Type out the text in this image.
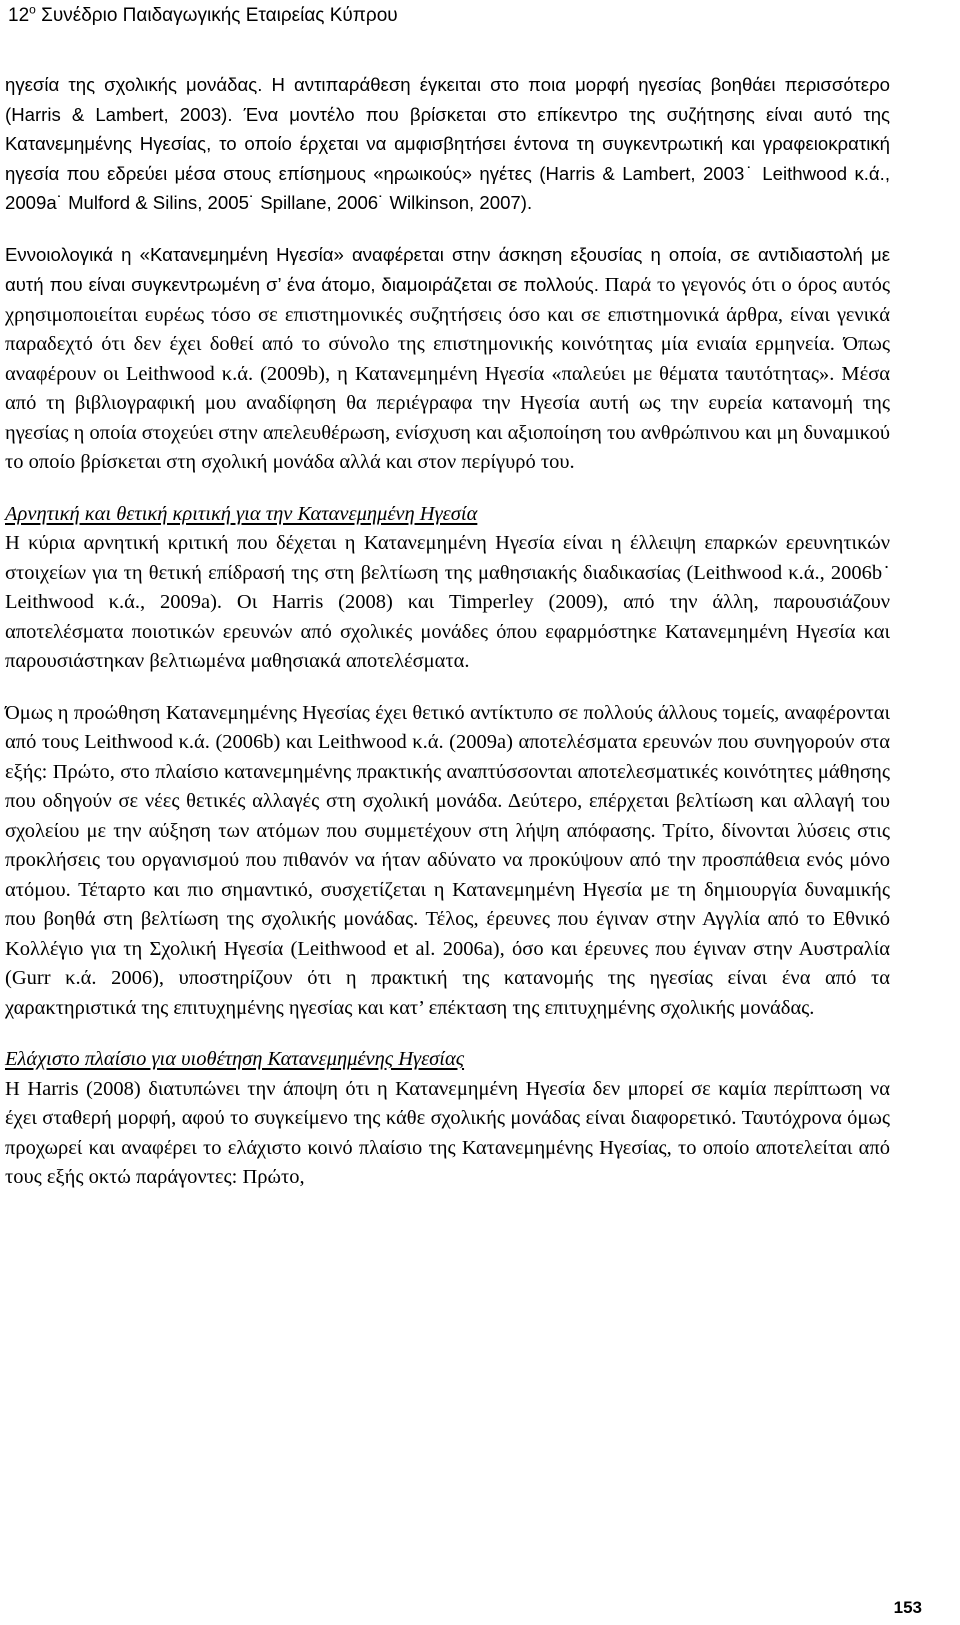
$12^o$ Συνέδριο Παιδαγωγικής Εταιρείας Κύπρου

ηγεσία της σχολικής μονάδας. Η αντιπαράθεση έγκειται στο ποια μορφή ηγεσίας βοηθάει περισσότερο (Harris & Lambert, 2003). Ένα μοντέλο που βρίσκεται στο επίκεντρο της συζήτησης είναι αυτό της Κατανεμημένης Ηγεσίας, το οποίο έρχεται να αμφισβητήσει έντονα τη συγκεντρωτική και γραφειοκρατική ηγεσία που εδρεύει μέσα στους επίσημους «ηρωικούς» ηγέτες (Harris & Lambert, 2003˙ Leithwood κ.ά., 2009a˙ Mulford & Silins, 2005˙ Spillane, 2006˙ Wilkinson, 2007).

Εννοιολογικά η «Κατανεμημένη Ηγεσία» αναφέρεται στην άσκηση εξουσίας η οποία, σε αντιδιαστολή με αυτή που είναι συγκεντρωμένη σ’ ένα άτομο, διαμοιράζεται σε πολλούς. Παρά το γεγονός ότι ο όρος αυτός χρησιμοποιείται ευρέως τόσο σε επιστημονικές συζητήσεις όσο και σε επιστημονικά άρθρα, είναι γενικά παραδεχτό ότι δεν έχει δοθεί από το σύνολο της επιστημονικής κοινότητας μία ενιαία ερμηνεία. Όπως αναφέρουν οι Leithwood κ.ά. (2009b), η Κατανεμημένη Ηγεσία «παλεύει με θέματα ταυτότητας». Μέσα από τη βιβλιογραφική μου αναδίφηση θα περιέγραφα την Ηγεσία αυτή ως την ευρεία κατανομή της ηγεσίας η οποία στοχεύει στην απελευθέρωση, ενίσχυση και αξιοποίηση του ανθρώπινου και μη δυναμικού το οποίο βρίσκεται στη σχολική μονάδα αλλά και στον περίγυρό του.

Αρνητική και θετική κριτική για την Κατανεμημένη Ηγεσία

Η κύρια αρνητική κριτική που δέχεται η Κατανεμημένη Ηγεσία είναι η έλλειψη επαρκών ερευνητικών στοιχείων για τη θετική επίδρασή της στη βελτίωση της μαθησιακής διαδικασίας (Leithwood κ.ά., 2006b˙ Leithwood κ.ά., 2009a). Οι Harris (2008) και Timperley (2009), από την άλλη, παρουσιάζουν αποτελέσματα ποιοτικών ερευνών από σχολικές μονάδες όπου εφαρμόστηκε Κατανεμημένη Ηγεσία και παρουσιάστηκαν βελτιωμένα μαθησιακά αποτελέσματα.

Όμως η προώθηση Κατανεμημένης Ηγεσίας έχει θετικό αντίκτυπο σε πολλούς άλλους τομείς, αναφέρονται από τους Leithwood κ.ά. (2006b) και Leithwood κ.ά. (2009a) αποτελέσματα ερευνών που συνηγορούν στα εξής: Πρώτο, στο πλαίσιο κατανεμημένης πρακτικής αναπτύσσονται αποτελεσματικές κοινότητες μάθησης που οδηγούν σε νέες θετικές αλλαγές στη σχολική μονάδα. Δεύτερο, επέρχεται βελτίωση και αλλαγή του σχολείου με την αύξηση των ατόμων που συμμετέχουν στη λήψη απόφασης. Τρίτο, δίνονται λύσεις στις προκλήσεις του οργανισμού που πιθανόν να ήταν αδύνατο να προκύψουν από την προσπάθεια ενός μόνο ατόμου. Τέταρτο και πιο σημαντικό, συσχετίζεται η Κατανεμημένη Ηγεσία με τη δημιουργία δυναμικής που βοηθά στη βελτίωση της σχολικής μονάδας. Τέλος, έρευνες που έγιναν στην Αγγλία από το Εθνικό Κολλέγιο για τη Σχολική Ηγεσία (Leithwood et al. 2006a), όσο και έρευνες που έγιναν στην Αυστραλία (Gurr κ.ά. 2006), υποστηρίζουν ότι η πρακτική της κατανομής της ηγεσίας είναι ένα από τα χαρακτηριστικά της επιτυχημένης ηγεσίας και κατ’ επέκταση της επιτυχημένης σχολικής μονάδας.

Ελάχιστο πλαίσιο για υιοθέτηση Κατανεμημένης Ηγεσίας

Η Harris (2008) διατυπώνει την άποψη ότι η Κατανεμημένη Ηγεσία δεν μπορεί σε καμία περίπτωση να έχει σταθερή μορφή, αφού το συγκείμενο της κάθε σχολικής μονάδας είναι διαφορετικό. Ταυτόχρονα όμως προχωρεί και αναφέρει το ελάχιστο κοινό πλαίσιο της Κατανεμημένης Ηγεσίας, το οποίο αποτελείται από τους εξής οκτώ παράγοντες: Πρώτο,

153
